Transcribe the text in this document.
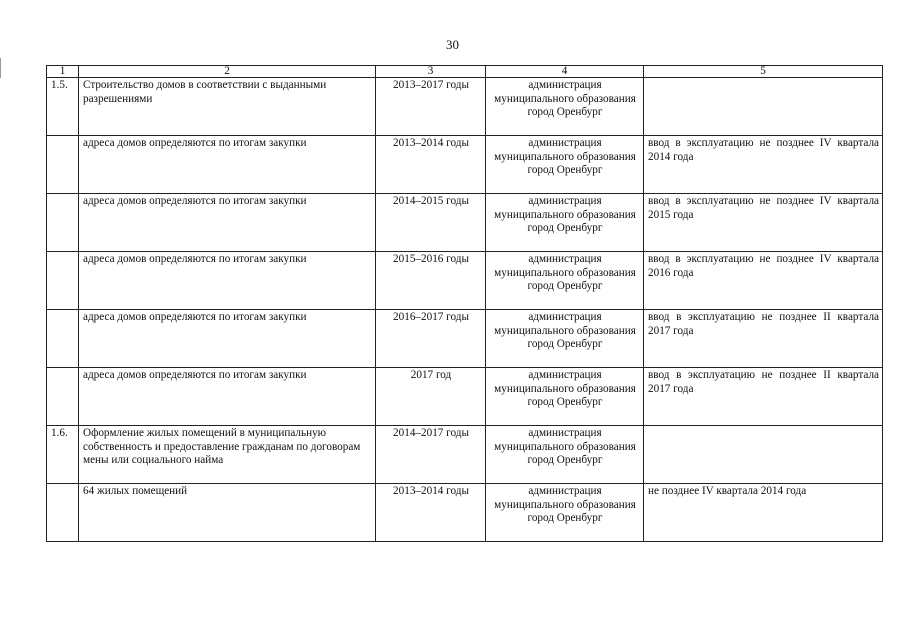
30
1	2	3	4	5
1.5.	Строительство домов в соответствии с выданными разрешениями	2013–2017 годы	администрация муниципального образования город Оренбург	
	адреса домов определяются по итогам закупки	2013–2014 годы	администрация муниципального образования город Оренбург	ввод в эксплуатацию не позднее IV квартала 2014 года
	адреса домов определяются по итогам закупки	2014–2015 годы	администрация муниципального образования город Оренбург	ввод в эксплуатацию не позднее IV квартала 2015 года
	адреса домов определяются по итогам закупки	2015–2016 годы	администрация муниципального образования город Оренбург	ввод в эксплуатацию не позднее IV квартала 2016 года
	адреса домов определяются по итогам закупки	2016–2017 годы	администрация муниципального образования город Оренбург	ввод в эксплуатацию не позднее II квартала 2017 года
	адреса домов определяются по итогам закупки	2017 год	администрация муниципального образования город Оренбург	ввод в эксплуатацию не позднее II квартала 2017 года
1.6.	Оформление жилых помещений в муниципальную собственность и предоставление гражданам по договорам мены или социального найма	2014–2017 годы	администрация муниципального образования город Оренбург	
	64 жилых помещений	2013–2014 годы	администрация муниципального образования город Оренбург	не позднее IV квартала 2014 года
